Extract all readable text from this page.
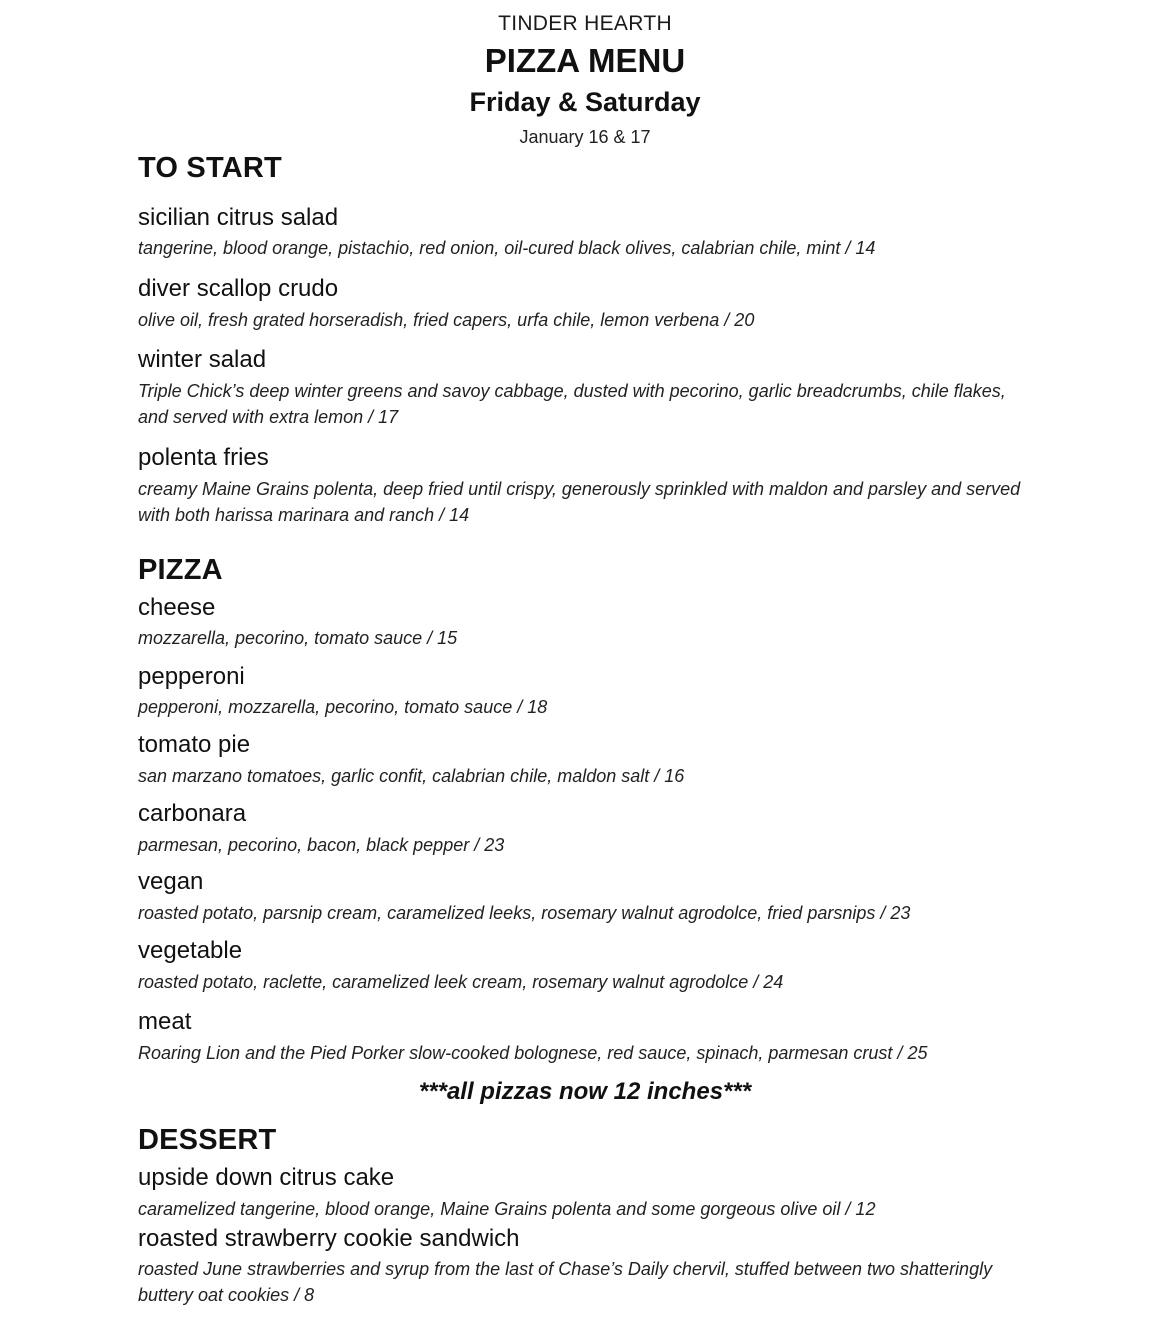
TINDER HEARTH
PIZZA MENU
Friday & Saturday
January 16 & 17
TO START
sicilian citrus salad
tangerine, blood orange, pistachio, red onion, oil-cured black olives, calabrian chile, mint / 14
diver scallop crudo
olive oil, fresh grated horseradish, fried capers, urfa chile, lemon verbena / 20
winter salad
Triple Chick’s deep winter greens and savoy cabbage, dusted with pecorino, garlic breadcrumbs, chile flakes, and served with extra lemon / 17
polenta fries
creamy Maine Grains polenta, deep fried until crispy, generously sprinkled with maldon and parsley and served with both harissa marinara and ranch / 14
PIZZA
cheese
mozzarella, pecorino, tomato sauce / 15
pepperoni
pepperoni, mozzarella, pecorino, tomato sauce / 18
tomato pie
san marzano tomatoes, garlic confit, calabrian chile, maldon salt / 16
carbonara
parmesan, pecorino, bacon, black pepper / 23
vegan
roasted potato, parsnip cream, caramelized leeks, rosemary walnut agrodolce, fried parsnips / 23
vegetable
roasted potato, raclette, caramelized leek cream, rosemary walnut agrodolce / 24
meat
Roaring Lion and the Pied Porker slow-cooked bolognese, red sauce, spinach, parmesan crust / 25
***all pizzas now 12 inches***
DESSERT
upside down citrus cake
caramelized tangerine, blood orange, Maine Grains polenta and some gorgeous olive oil / 12
roasted strawberry cookie sandwich
roasted June strawberries and syrup from the last of Chase’s Daily chervil, stuffed between two shatteringly buttery oat cookies / 8
